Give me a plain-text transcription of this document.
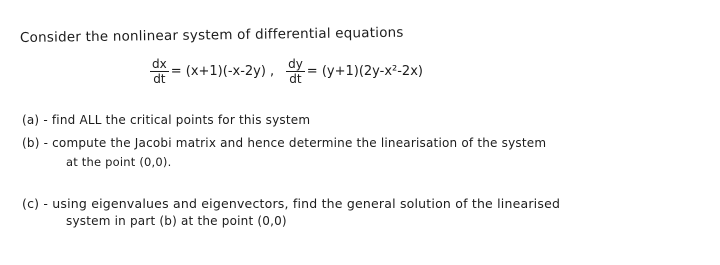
Consider the nonlinear system of differential equations
$\frac{dx}{dt} = (x+1)(-x-2y)$ , $\frac{dy}{dt} = (y+1)(2y-x^2-2x)$
(a) - find ALL the critical points for this system
(b) - compute the Jacobi matrix and hence determine the linearisation of the system
at the point (0,0).
(c) - using eigenvalues and eigenvectors, find the general solution of the linearised
system in part (b) at the point (0,0)
